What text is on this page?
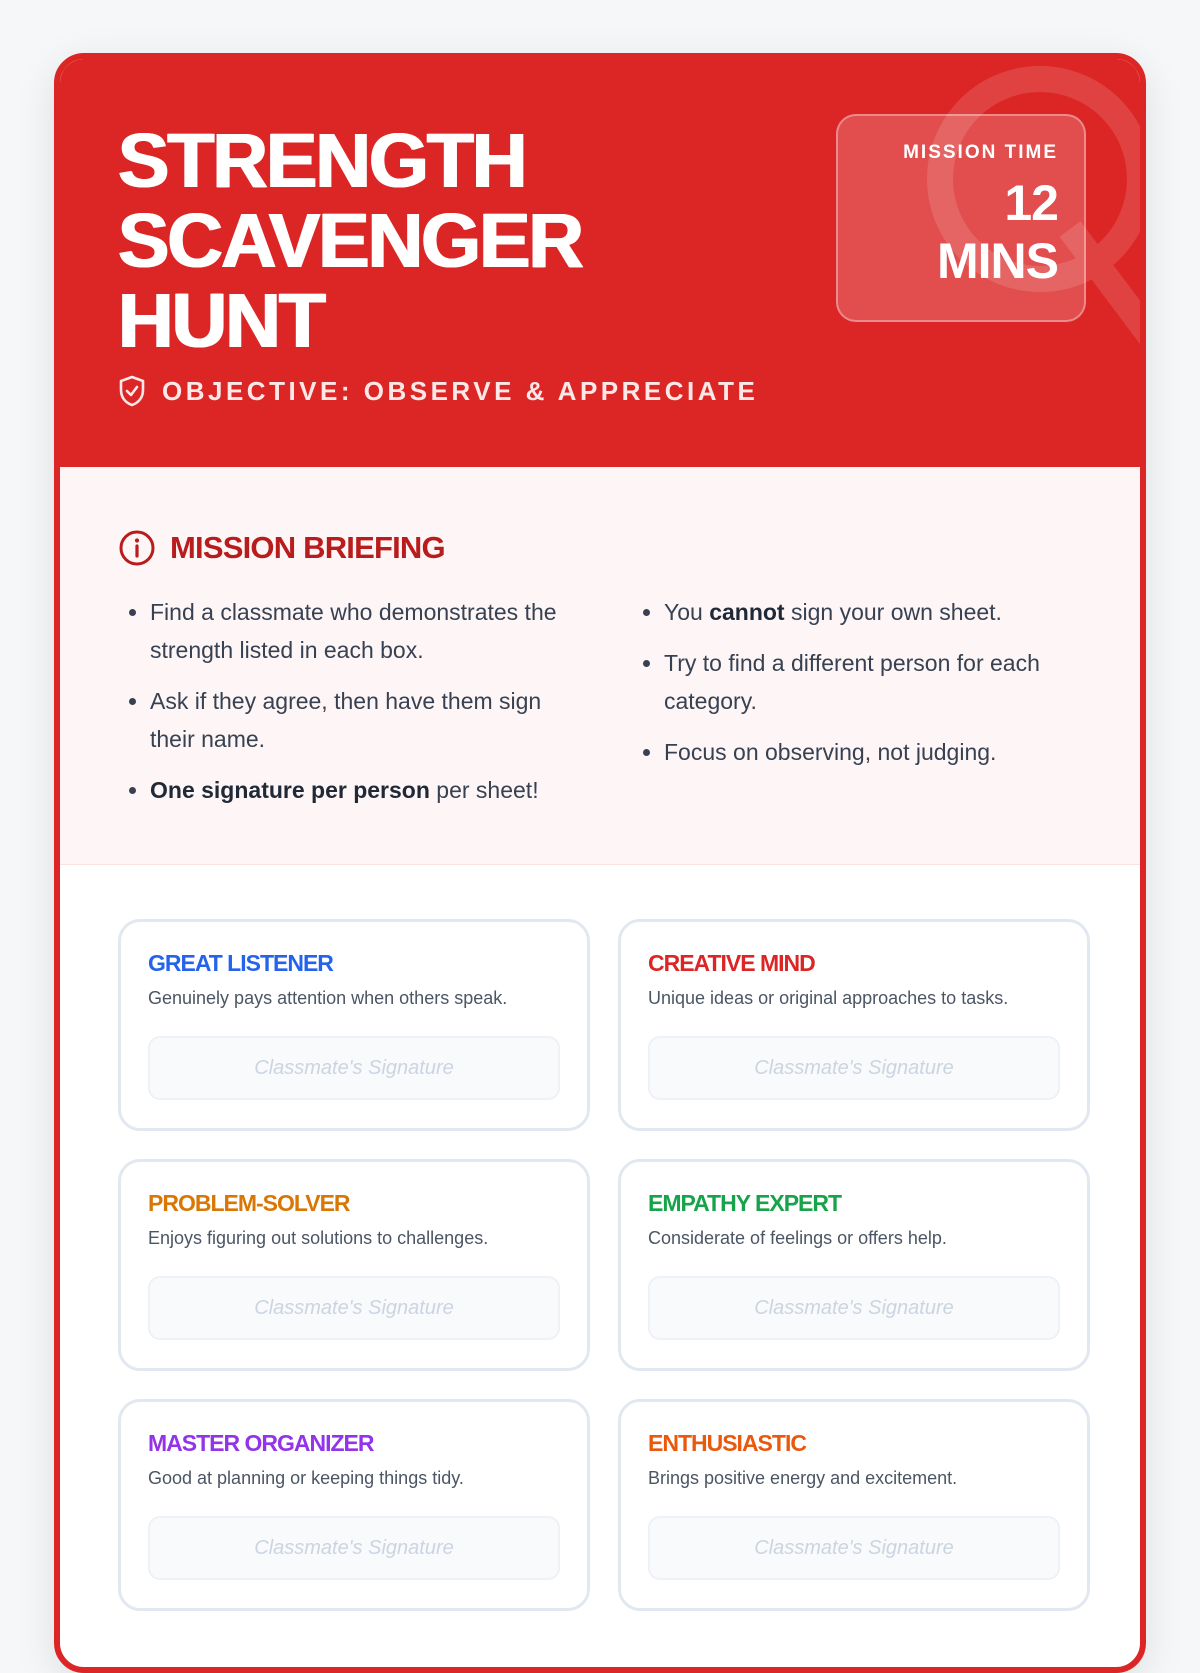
STRENGTH
SCAVENGER
HUNT
OBJECTIVE: OBSERVE & APPRECIATE
MISSION TIME
12
MINS
MISSION BRIEFING
• Find a classmate who demonstrates the strength listed in each box.
• Ask if they agree, then have them sign their name.
• One signature per person per sheet!
• You cannot sign your own sheet.
• Try to find a different person for each category.
• Focus on observing, not judging.
GREAT LISTENER

Genuinely pays attention when others speak.

Classmate's Signature
CREATIVE MIND

Unique ideas or original approaches to tasks.

Classmate's Signature
PROBLEM-SOLVER

Enjoys figuring out solutions to challenges.

Classmate's Signature
EMPATHY EXPERT

Considerate of feelings or offers help.

Classmate's Signature
MASTER ORGANIZER

Good at planning or keeping things tidy.

Classmate's Signature
ENTHUSIASTIC

Brings positive energy and excitement.

Classmate's Signature
